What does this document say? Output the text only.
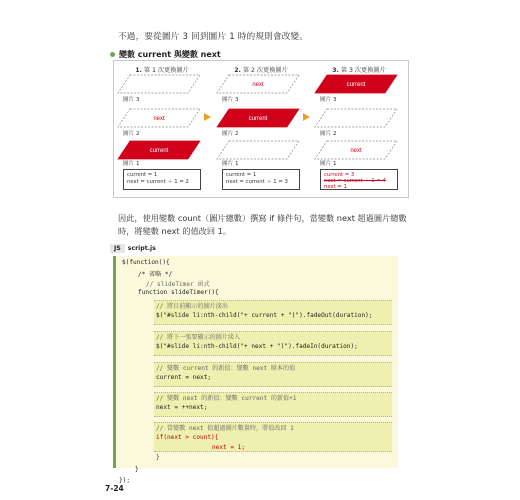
不過，要從圖片 3 回到圖片 1 時的規則會改變。
變數 current 與變數 next
1. 第 1 次更換圖片
next
current
圖片 3
圖片 2
圖片 1
current = 1
next = current ＋ 1 = 2
2. 第 2 次更換圖片
next
current
圖片 3
圖片 2
圖片 1
current = 1
next = current ＋ 1 = 3
3. 第 3 次更換圖片
current
next
圖片 3
圖片 2
圖片 1
current = 3
next = current ＋ 1 = 4
next = 1
因此，使用變數 count（圖片總數）撰寫 if 條件句，當變數 next 超過圖片總數時，將變數 next 的值改回 1。
JS	script.js
$(function(){
/* 省略 */
// slideTimer 函式
function slideTimer(){
// 將目前顯示的圖片淡出
$("#slide li:nth-child("+ current + ")").fadeOut(duration);
// 將下一張要顯示的圖片淡入
$("#slide li:nth-child("+ next + ")").fadeIn(duration);
// 變數 current 的新值：變數 next 原本的值
current = next;
// 變數 next 的新值：變數 current 的新值+1
next = ++next;
// 當變數 next 值超過圖片數量時，將值改回 1
if(next > count){
next = 1;
}
}
});
7-24
